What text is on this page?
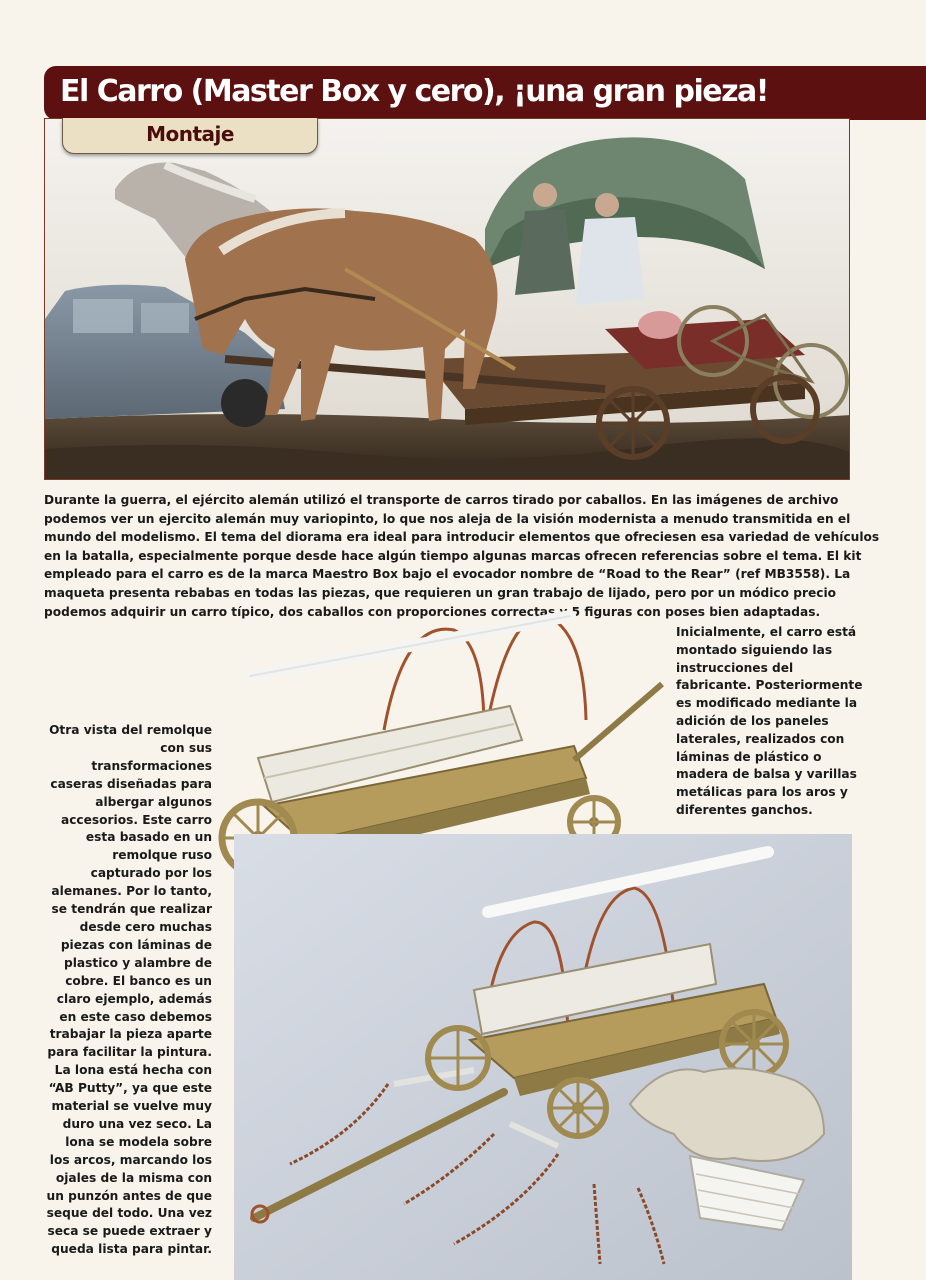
El Carro (Master Box y cero), ¡una gran pieza!
Montaje

Durante la guerra, el ejército alemán utilizó el transporte de carros tirado por caballos. En las imágenes de archivo podemos ver un ejercito alemán muy variopinto, lo que nos aleja de la visión modernista a menudo transmitida en el mundo del modelismo. El tema del diorama era ideal para introducir elementos que ofreciesen esa variedad de vehículos en la batalla, especialmente porque desde hace algún tiempo algunas marcas ofrecen referencias sobre el tema. El kit empleado para el carro es de la marca Maestro Box bajo el evocador nombre de “Road to the Rear” (ref MB3558). La maqueta presenta rebabas en todas las piezas, que requieren un gran trabajo de lijado, pero por un módico precio podemos adquirir un carro típico, dos caballos con proporciones correctas y 5 figuras con poses bien adaptadas.

Inicialmente, el carro está montado siguiendo las instrucciones del fabricante. Posteriormente es modificado mediante la adición de los paneles laterales, realizados con láminas de plástico o madera de balsa y varillas metálicas para los aros y diferentes ganchos.

Otra vista del remolque con sus transformaciones caseras diseñadas para albergar algunos accesorios. Este carro esta basado en un remolque ruso capturado por los alemanes. Por lo tanto, se tendrán que realizar desde cero muchas piezas con láminas de plastico y alambre de cobre. El banco es un claro ejemplo, además en este caso debemos trabajar la pieza aparte para facilitar la pintura. La lona está hecha con “AB Putty”, ya que este material se vuelve muy duro una vez seco. La lona se modela sobre los arcos, marcando los ojales de la misma con un punzón antes de que seque del todo. Una vez seca se puede extraer y queda lista para pintar.
